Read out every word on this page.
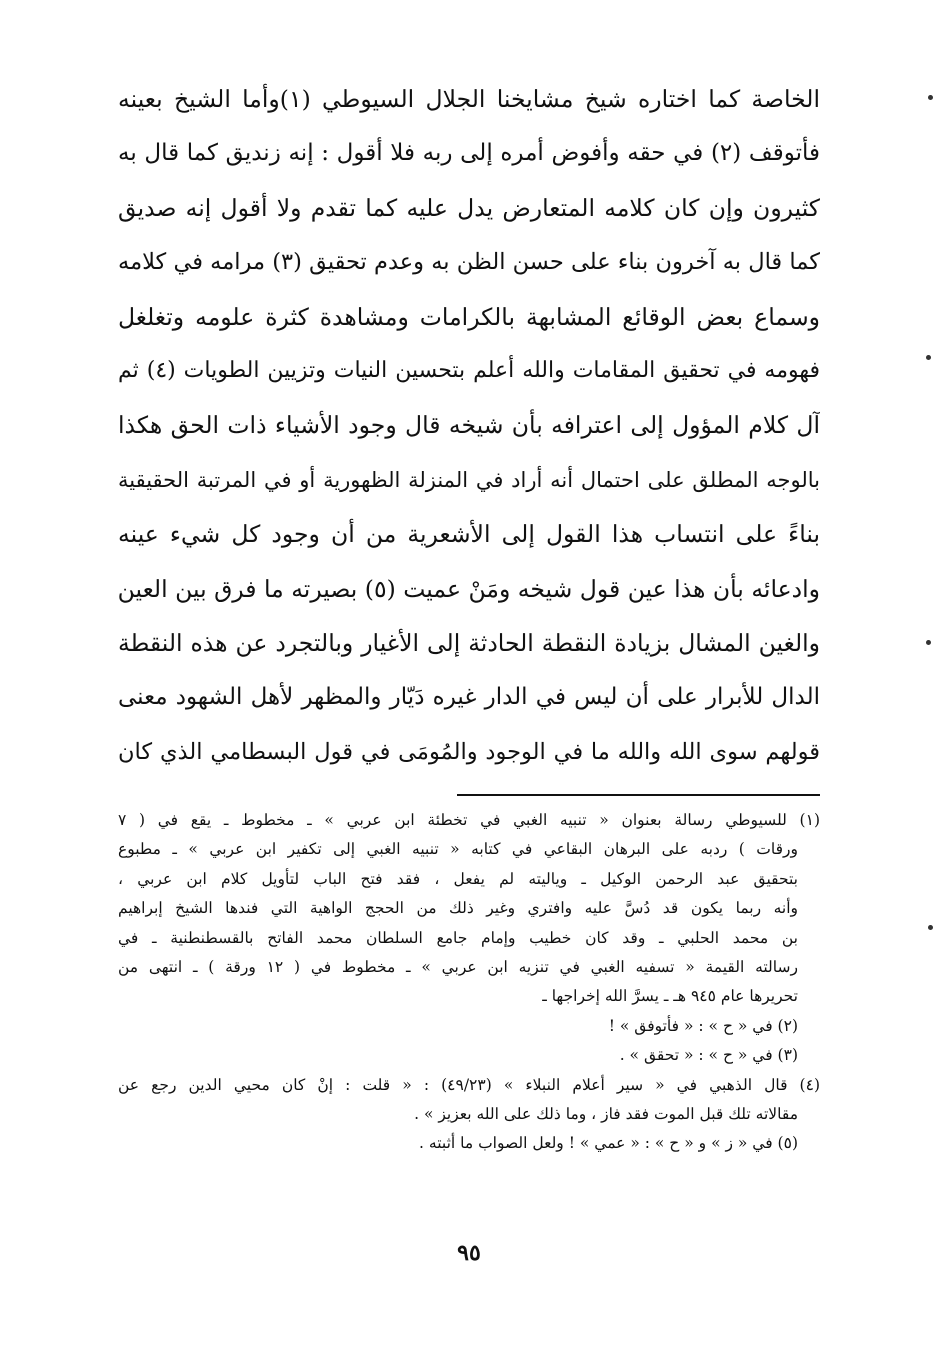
الخاصة كما اختاره شيخ مشايخنا الجلال السيوطي (١)وأما الشيخ بعينه
فأتوقف (٢) في حقه وأفوض أمره إلى ربه فلا أقول : إنه زنديق كما قال به
كثيرون وإن كان كلامه المتعارض يدل عليه كما تقدم ولا أقول إنه صديق
كما قال به آخرون بناء على حسن الظن به وعدم تحقيق (٣) مرامه في كلامه
وسماع بعض الوقائع المشابهة بالكرامات ومشاهدة كثرة علومه وتغلغل
فهومه في تحقيق المقامات والله أعلم بتحسين النيات وتزيين الطويات (٤) ثم
آل كلام المؤول إلى اعترافه بأن شيخه قال وجود الأشياء ذات الحق هكذا
بالوجه المطلق على احتمال أنه أراد في المنزلة الظهورية أو في المرتبة الحقيقية
بناءً على انتساب هذا القول إلى الأشعرية من أن وجود كل شيء عينه
وادعائه بأن هذا عين قول شيخه ومَنْ عميت (٥) بصيرته ما فرق بين العين
والغين المشال بزيادة النقطة الحادثة إلى الأغيار وبالتجرد عن هذه النقطة
الدال للأبرار على أن ليس في الدار غيره دَيّار والمظهر لأهل الشهود معنى
قولهم سوى الله والله ما في الوجود والمُومَى في قول البسطامي الذي كان
(١) للسيوطي رسالة بعنوان « تنبيه الغبي في تخطئة ابن عربي » ـ مخطوط ـ يقع في ( ٧
ورقات ) ردبه على البرهان البقاعي في كتابه « تنبيه الغبي إلى تكفير ابن عربي » ـ مطبوع
بتحقيق عبد الرحمن الوكيل ـ وياليته لم يفعل ، فقد فتح الباب لتأويل كلام ابن عربي ،
وأنه ربما يكون قد دُسَّ عليه وافتري وغير ذلك من الحجج الواهية التي فندها الشيخ إبراهيم
بن محمد الحلبي ـ وقد كان خطيب وإمام جامع السلطان محمد الفاتح بالقسطنطنية ـ في
رسالته القيمة « تسفيه الغبي في تنزيه ابن عربي » ـ مخطوط في ( ١٢ ورقة ) ـ انتهى من
تحريرها عام ٩٤٥ هـ ـ يسرَّ الله إخراجها ـ
(٢) في « ح » : « فأتوفق » !
(٣) في « ح » : « تحقق » .
(٤) قال الذهبي في « سير أعلام النبلاء » (٤٩/٢٣) : « قلت : إنْ كان محيي الدين رجع عن
مقالاته تلك قبل الموت فقد فاز ، وما ذلك على الله بعزيز » .
(٥) في « ز » و « ح » : « عمي » ! ولعل الصواب ما أثبته .
٩٥
